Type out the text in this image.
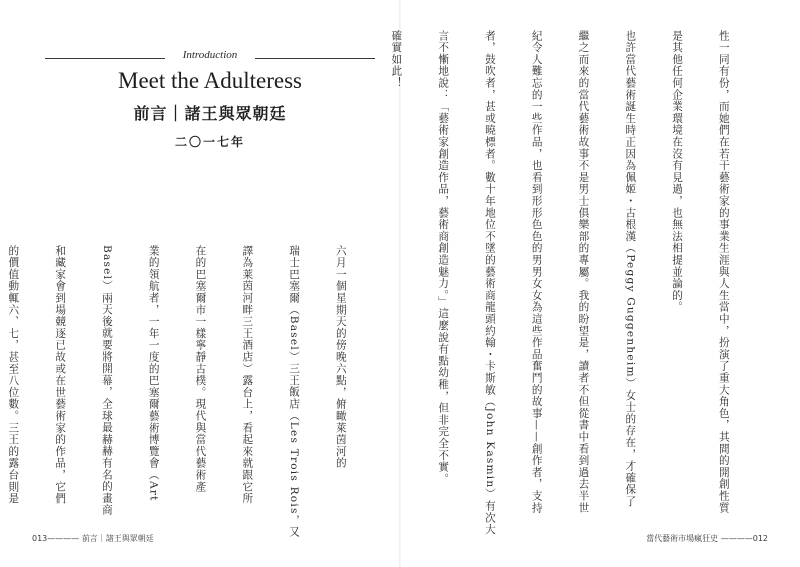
Introduction
Meet the Adulteress
前言｜諸王與眾朝廷
二〇一七年

六月一個星期天的傍晚六點，俯瞰萊茵河的

瑞士巴塞爾（Basel）三王飯店（Les Trois Rois，又

譯為莱茵河畔三王酒店）露台上，看起來就跟它所

在的巴塞爾市一樣寧靜古樸。現代與當代藝術產

業的領航者，一年一度的巴塞爾藝術博覽會（Art

Basel）兩天後就要將開幕，全球最赫赫有名的畫商

和藏家會到場競逐已故或在世藝術家的作品，它們

的價值動輒六、七，甚至八位數。三王的露台則是

013———— 前言｜諸王與眾朝廷

性一同有份，而她們在若干藝術家的事業生涯與人生當中，扮演了重大角色，其間的開創性質

是其他任何企業環境在沒有見過，也無法相提並論的。

也許當代藝術誕生時正因為佩姬・古根漢（Peggy Guggenheim）女士的存在，才確保了

繼之而來的當代藝術故事不是男士俱樂部的專屬。我的盼望是，讀者不但從書中看到過去半世

紀令人難忘的一些作品，也看到形形色色的男男女女為這些作品奮鬥的故事——創作者，支持

者，鼓吹者，甚或曉標者。數十年地位不墜的藝術商龍頭約翰・卡斯敏（John Kasmin）有次大

言不慚地說：「藝術家創造作品，藝術商創造魅力。」這麼說有點幼稚，但非完全不實。

確實如此！

當代藝術市場瘋狂史 ————012
